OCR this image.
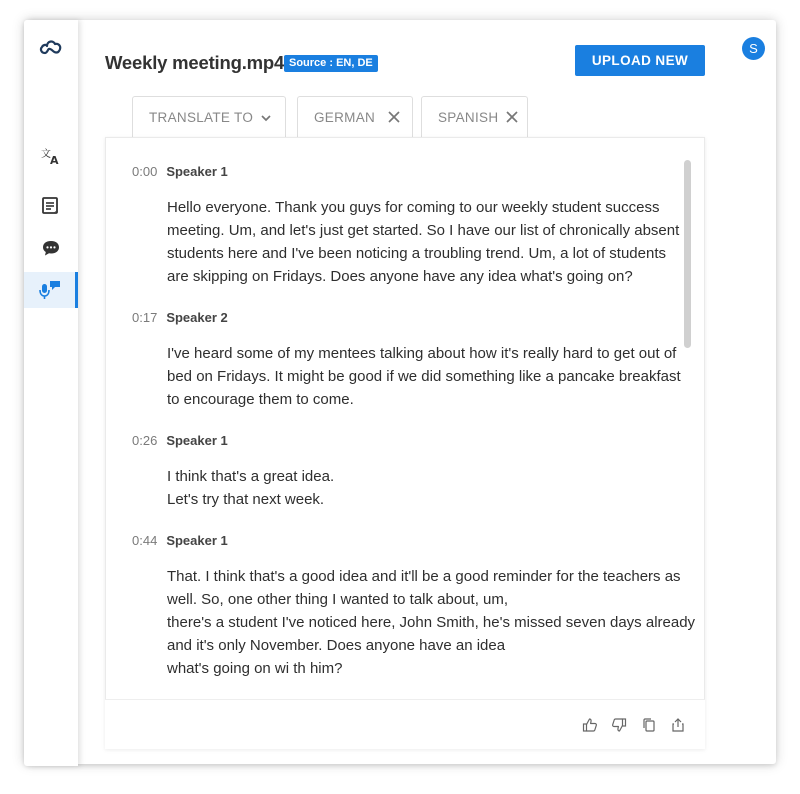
文 A
ᴬ
Weekly meeting.mp4 Source : EN, DE	UPLOAD NEW
S
TRANSLATE TO	GERMAN	SPANISH
0:00 Speaker 1
Hello everyone. Thank you guys for coming to our weekly student success
meeting. Um, and let's just get started. So I have our list of chronically absent
students here and I've been noticing a troubling trend. Um, a lot of students
are skipping on Fridays. Does anyone have any idea what's going on?
0:17 Speaker 2
I've heard some of my mentees talking about how it's really hard to get out of
bed on Fridays. It might be good if we did something like a pancake breakfast
to encourage them to come.
0:26 Speaker 1
I think that's a great idea.
Let's try that next week.
0:44 Speaker 1
That. I think that's a good idea and it'll be a good reminder for the teachers as
well. So, one other thing I wanted to talk about, um,
there's a student I've noticed here, John Smith, he's missed seven days already
and it's only November. Does anyone have an idea
what's going on wi th him?
